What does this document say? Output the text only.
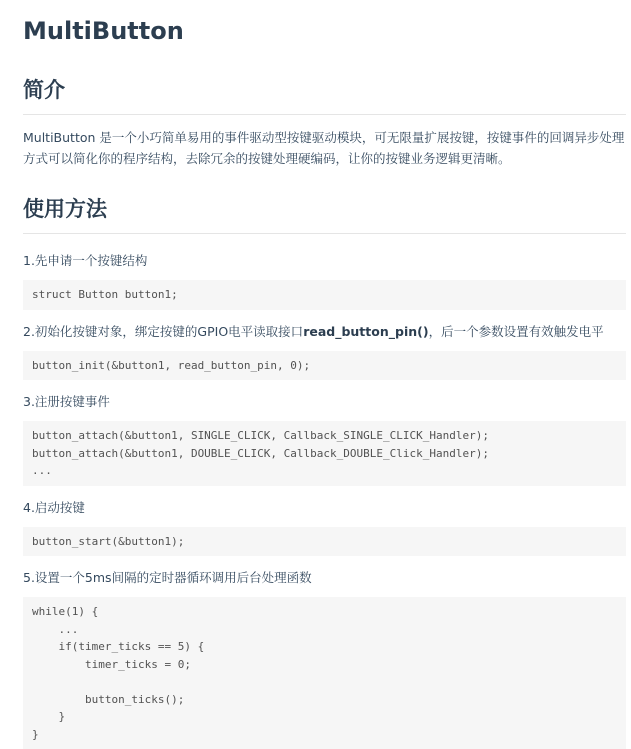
MultiButton
简介

MultiButton 是一个小巧简单易用的事件驱动型按键驱动模块，可无限量扩展按键，按键事件的回调异步处理方式可以简化你的程序结构，去除冗余的按键处理硬编码，让你的按键业务逻辑更清晰。

使用方法

1.先申请一个按键结构

struct Button button1;

2.初始化按键对象，绑定按键的GPIO电平读取接口read_button_pin()，后一个参数设置有效触发电平

button_init(&button1, read_button_pin, 0);

3.注册按键事件

button_attach(&button1, SINGLE_CLICK, Callback_SINGLE_CLICK_Handler);
button_attach(&button1, DOUBLE_CLICK, Callback_DOUBLE_Click_Handler);
...

4.启动按键

button_start(&button1);

5.设置一个5ms间隔的定时器循环调用后台处理函数

while(1) {
...
if(timer_ticks == 5) {
timer_ticks = 0;

button_ticks();
}
}
